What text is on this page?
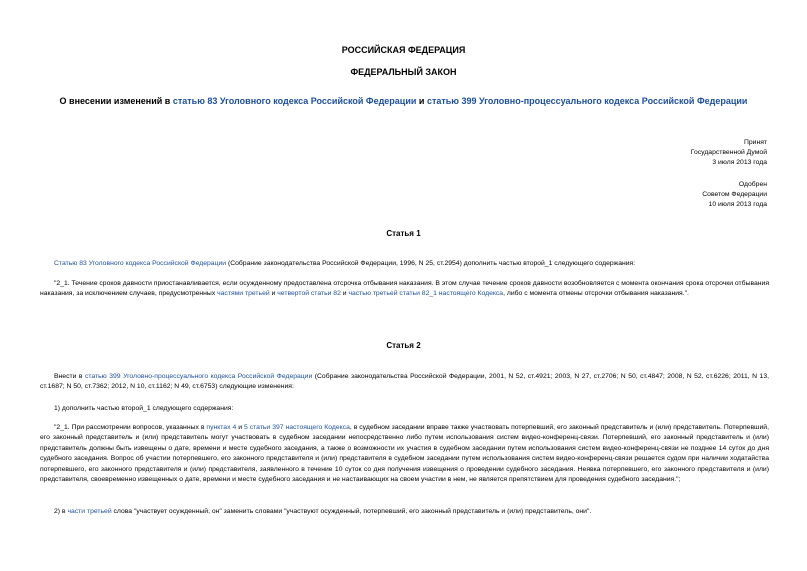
РОССИЙСКАЯ ФЕДЕРАЦИЯ
ФЕДЕРАЛЬНЫЙ ЗАКОН
О внесении изменений в статью 83 Уголовного кодекса Российской Федерации и статью 399 Уголовно-процессуального кодекса Российской Федерации
Принят
Государственной Думой
3 июля 2013 года
Одобрен
Советом Федерации
10 июля 2013 года
Статья 1
Статью 83 Уголовного кодекса Российской Федерации (Собрание законодательства Российской Федерации, 1996, N 25, ст.2954) дополнить частью второй_1 следующего содержания:
"2_1. Течение сроков давности приостанавливается, если осужденному предоставлена отсрочка отбывания наказания. В этом случае течение сроков давности возобновляется с момента окончания срока отсрочки отбывания наказания, за исключением случаев, предусмотренных частями третьей и четвертой статьи 82 и частью третьей статьи 82_1 настоящего Кодекса, либо с момента отмены отсрочки отбывания наказания.".
Статья 2
Внести в статью 399 Уголовно-процессуального кодекса Российской Федерации (Собрание законодательства Российской Федерации, 2001, N 52, ст.4921; 2003, N 27, ст.2706; N 50, ст.4847; 2008, N 52, ст.6226; 2011, N 13, ст.1687; N 50, ст.7362; 2012, N 10, ст.1162; N 49, ст.6753) следующие изменения:
1) дополнить частью второй_1 следующего содержания:
"2_1. При рассмотрении вопросов, указанных в пунктах 4 и 5 статьи 397 настоящего Кодекса, в судебном заседании вправе также участвовать потерпевший, его законный представитель и (или) представитель. Потерпевший, его законный представитель и (или) представитель могут участвовать в судебном заседании непосредственно либо путем использования систем видео-конференц-связи. Потерпевший, его законный представитель и (или) представитель должны быть извещены о дате, времени и месте судебного заседания, а также о возможности их участия в судебном заседании путем использования систем видео-конференц-связи не позднее 14 суток до дня судебного заседания. Вопрос об участии потерпевшего, его законного представителя и (или) представителя в судебном заседании путем использования систем видео-конференц-связи решается судом при наличии ходатайства потерпевшего, его законного представителя и (или) представителя, заявленного в течение 10 суток со дня получения извещения о проведении судебного заседания. Неявка потерпевшего, его законного представителя и (или) представителя, своевременно извещенных о дате, времени и месте судебного заседания и не настаивающих на своем участии в нем, не является препятствием для проведения судебного заседания.";
2) в части третьей слова "участвует осужденный, он" заменить словами "участвуют осужденный, потерпевший, его законный представитель и (или) представитель, они".
